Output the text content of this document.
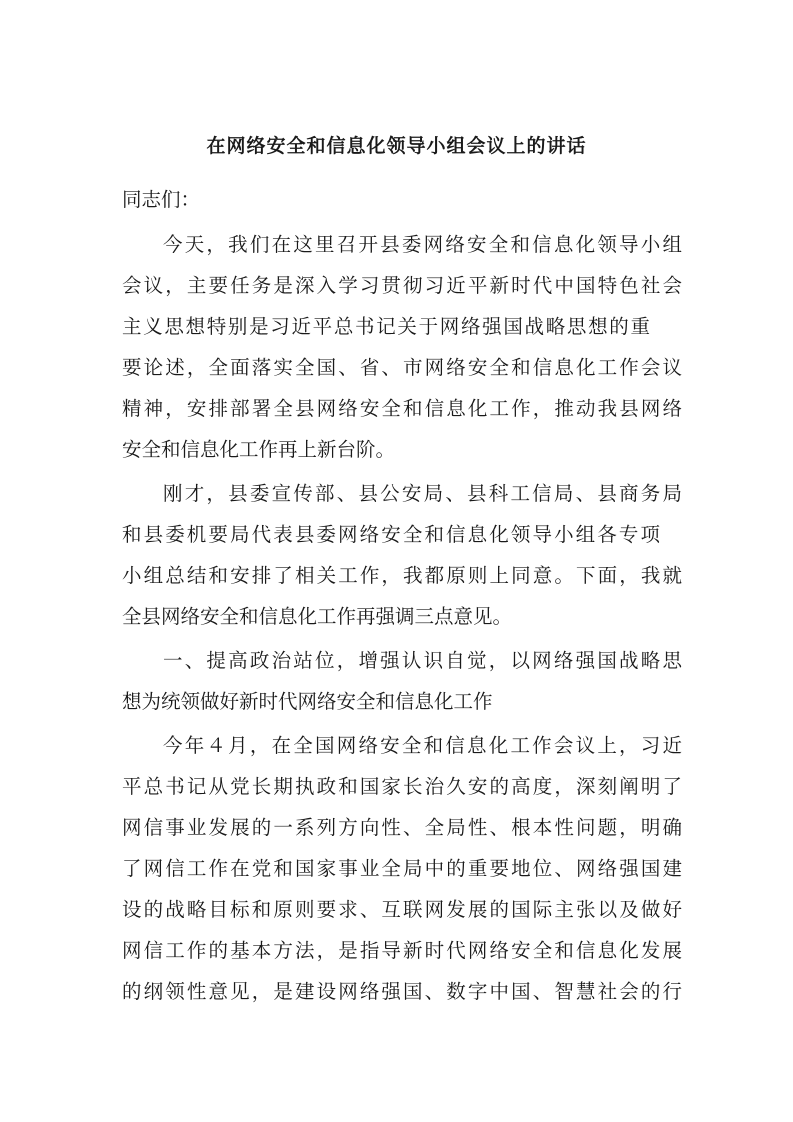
在网络安全和信息化领导小组会议上的讲话
同志们：
今天，我们在这里召开县委网络安全和信息化领导小组
会议，主要任务是深入学习贯彻习近平新时代中国特色社会
主义思想特别是习近平总书记关于网络强国战略思想的重
要论述，全面落实全国、省、市网络安全和信息化工作会议
精神，安排部署全县网络安全和信息化工作，推动我县网络
安全和信息化工作再上新台阶。
刚才，县委宣传部、县公安局、县科工信局、县商务局
和县委机要局代表县委网络安全和信息化领导小组各专项
小组总结和安排了相关工作，我都原则上同意。下面，我就
全县网络安全和信息化工作再强调三点意见。
一、提高政治站位，增强认识自觉，以网络强国战略思
想为统领做好新时代网络安全和信息化工作
今年４月，在全国网络安全和信息化工作会议上，习近
平总书记从党长期执政和国家长治久安的高度，深刻阐明了
网信事业发展的一系列方向性、全局性、根本性问题，明确
了网信工作在党和国家事业全局中的重要地位、网络强国建
设的战略目标和原则要求、互联网发展的国际主张以及做好
网信工作的基本方法，是指导新时代网络安全和信息化发展
的纲领性意见，是建设网络强国、数字中国、智慧社会的行
